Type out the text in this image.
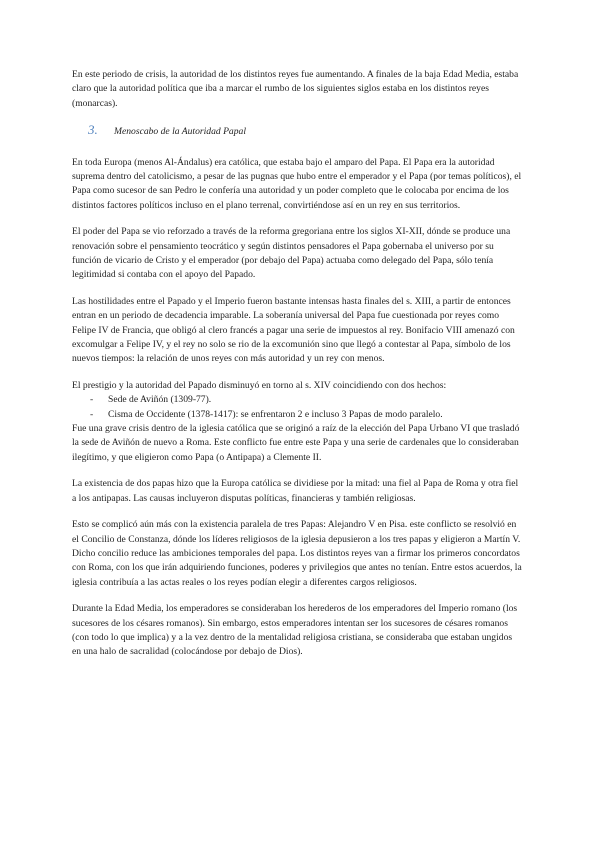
En este periodo de crisis, la autoridad de los distintos reyes fue aumentando. A finales de la baja Edad Media, estaba claro que la autoridad política que iba a marcar el rumbo de los siguientes siglos estaba en los distintos reyes (monarcas).

3.	Menoscabo de la Autoridad Papal

En toda Europa (menos Al-Ándalus) era católica, que estaba bajo el amparo del Papa. El Papa era la autoridad suprema dentro del catolicismo, a pesar de las pugnas que hubo entre el emperador y el Papa (por temas políticos), el Papa como sucesor de san Pedro le confería una autoridad y un poder completo que le colocaba por encima de los distintos factores políticos incluso en el plano terrenal, convirtiéndose así en un rey en sus territorios.

El poder del Papa se vio reforzado a través de la reforma gregoriana entre los siglos XI-XII, dónde se produce una renovación sobre el pensamiento teocrático y según distintos pensadores el Papa gobernaba el universo por su función de vicario de Cristo y el emperador (por debajo del Papa) actuaba como delegado del Papa, sólo tenía legitimidad si contaba con el apoyo del Papado.

Las hostilidades entre el Papado y el Imperio fueron bastante intensas hasta finales del s. XIII, a partir de entonces entran en un periodo de decadencia imparable. La soberanía universal del Papa fue cuestionada por reyes como Felipe IV de Francia, que obligó al clero francés a pagar una serie de impuestos al rey. Bonifacio VIII amenazó con excomulgar a Felipe IV, y el rey no solo se rio de la excomunión sino que llegó a contestar al Papa, símbolo de los nuevos tiempos: la relación de unos reyes con más autoridad y un rey con menos.

El prestigio y la autoridad del Papado disminuyó en torno al s. XIV coincidiendo con dos hechos:

-	Sede de Aviñón (1309-77).
-	Cisma de Occidente (1378-1417): se enfrentaron 2 e incluso 3 Papas de modo paralelo.

Fue una grave crisis dentro de la iglesia católica que se originó a raíz de la elección del Papa Urbano VI que trasladó la sede de Aviñón de nuevo a Roma. Este conflicto fue entre este Papa y una serie de cardenales que lo consideraban ilegítimo, y que eligieron como Papa (o Antipapa) a Clemente II.

La existencia de dos papas hizo que la Europa católica se dividiese por la mitad: una fiel al Papa de Roma y otra fiel a los antipapas. Las causas incluyeron disputas políticas, financieras y también religiosas.

Esto se complicó aún más con la existencia paralela de tres Papas: Alejandro V en Pisa. este conflicto se resolvió en el Concilio de Constanza, dónde los líderes religiosos de la iglesia depusieron a los tres papas y eligieron a Martín V. Dicho concilio reduce las ambiciones temporales del papa. Los distintos reyes van a firmar los primeros concordatos con Roma, con los que irán adquiriendo funciones, poderes y privilegios que antes no tenían. Entre estos acuerdos, la iglesia contribuía a las actas reales o los reyes podían elegir a diferentes cargos religiosos.

Durante la Edad Media, los emperadores se consideraban los herederos de los emperadores del Imperio romano (los sucesores de los césares romanos). Sin embargo, estos emperadores intentan ser los sucesores de césares romanos (con todo lo que implica) y a la vez dentro de la mentalidad religiosa cristiana, se consideraba que estaban ungidos en una halo de sacralidad (colocándose por debajo de Dios).
